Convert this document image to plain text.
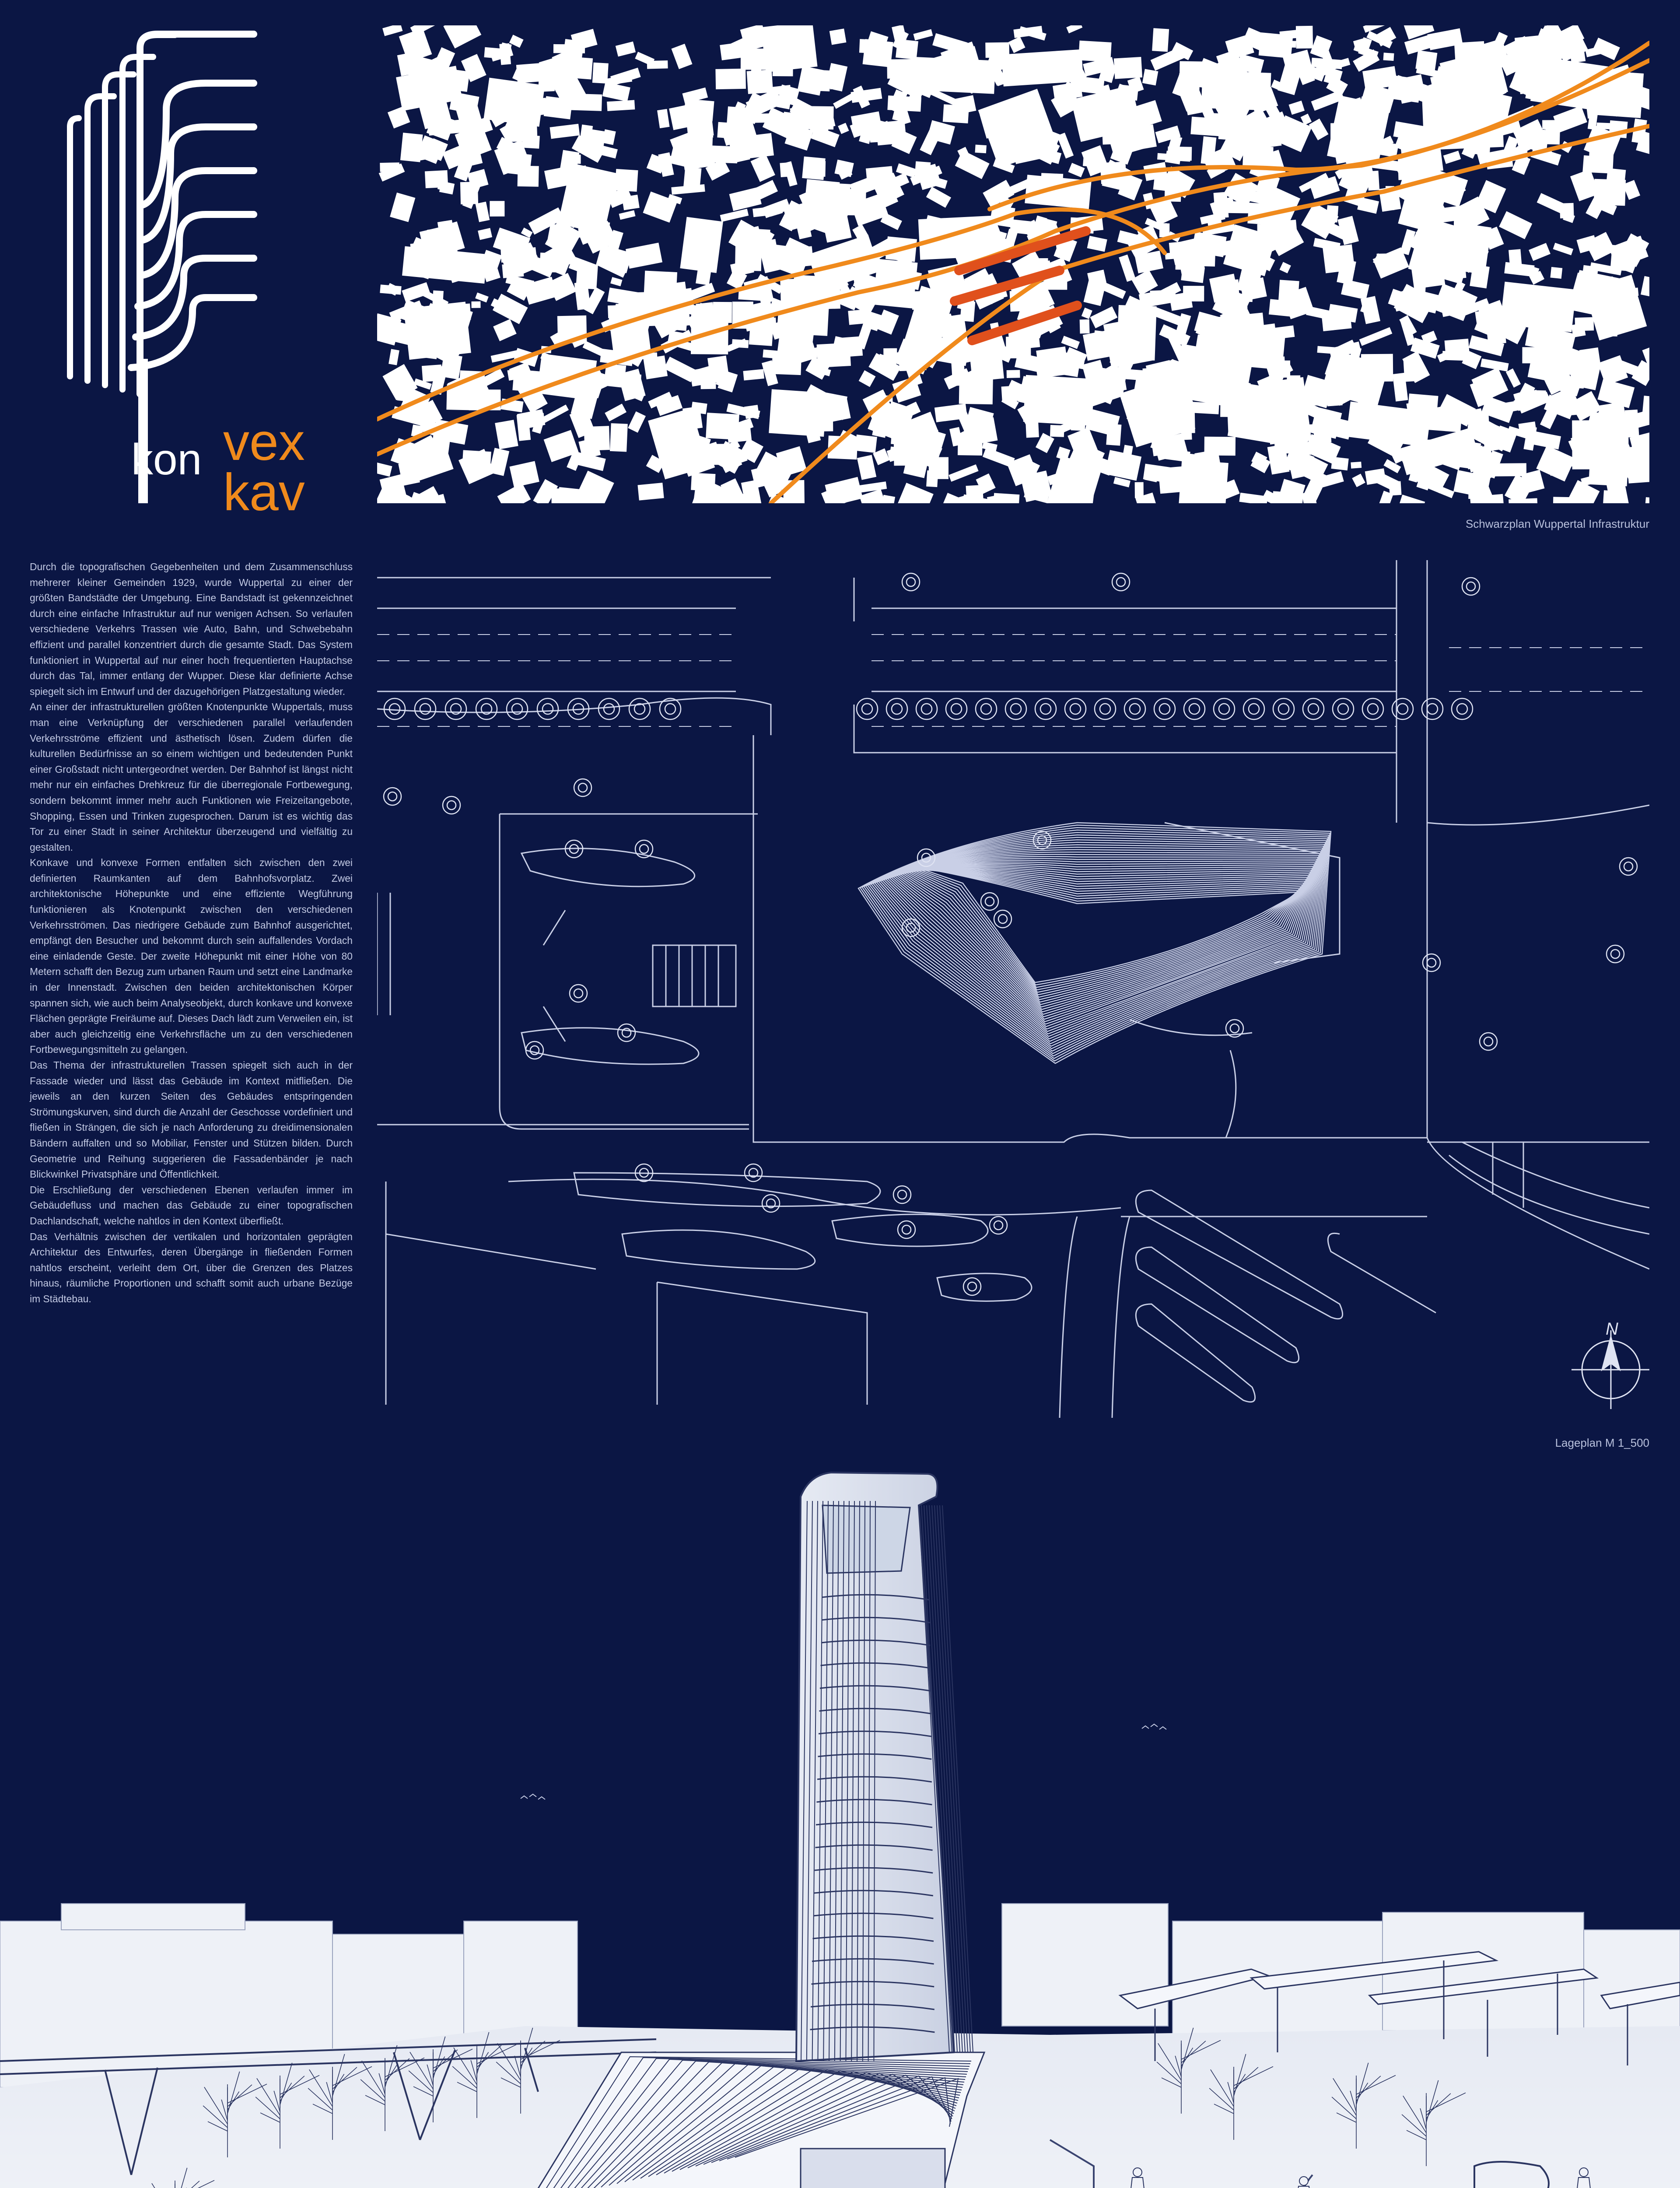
kon vex
kav
Schwarzplan Wuppertal Infrastruktur

Durch die topografischen Gegebenheiten und dem Zusammenschluss mehrerer kleiner Gemeinden 1929, wurde Wuppertal zu einer der größten Bandstädte der Umgebung. Eine Bandstadt ist gekennzeichnet durch eine einfache Infrastruktur auf nur wenigen Achsen. So verlaufen verschiedene Verkehrs Trassen wie Auto, Bahn, und Schwebebahn effizient und parallel konzentriert durch die gesamte Stadt. Das System funktioniert in Wuppertal auf nur einer hoch frequentierten Hauptachse durch das Tal, immer entlang der Wupper. Diese klar definierte Achse spiegelt sich im Entwurf und der dazugehörigen Platzgestaltung wieder.

An einer der infrastrukturellen größten Knotenpunkte Wuppertals, muss man eine Verknüpfung der verschiedenen parallel verlaufenden Verkehrsströme effizient und ästhetisch lösen. Zudem dürfen die kulturellen Bedürfnisse an so einem wichtigen und bedeutenden Punkt einer Großstadt nicht untergeordnet werden. Der Bahnhof ist längst nicht mehr nur ein einfaches Drehkreuz für die überregionale Fortbewegung, sondern bekommt immer mehr auch Funktionen wie Freizeitangebote, Shopping, Essen und Trinken zugesprochen. Darum ist es wichtig das Tor zu einer Stadt in seiner Architektur überzeugend und vielfältig zu gestalten.

Konkave und konvexe Formen entfalten sich zwischen den zwei definierten Raumkanten auf dem Bahnhofsvorplatz. Zwei architektonische Höhepunkte und eine effiziente Wegführung funktionieren als Knotenpunkt zwischen den verschiedenen Verkehrsströmen. Das niedrigere Gebäude zum Bahnhof ausgerichtet, empfängt den Besucher und bekommt durch sein auffallendes Vordach eine einladende Geste. Der zweite Höhepunkt mit einer Höhe von 80 Metern schafft den Bezug zum urbanen Raum und setzt eine Landmarke in der Innenstadt. Zwischen den beiden architektonischen Körper spannen sich, wie auch beim Analyseobjekt, durch konkave und konvexe Flächen geprägte Freiräume auf. Dieses Dach lädt zum Verweilen ein, ist aber auch gleichzeitig eine Verkehrsfläche um zu den verschiedenen Fortbewegungsmitteln zu gelangen.

Das Thema der infrastrukturellen Trassen spiegelt sich auch in der Fassade wieder und lässt das Gebäude im Kontext mitfließen. Die jeweils an den kurzen Seiten des Gebäudes entspringenden Strömungskurven, sind durch die Anzahl der Geschosse vordefiniert und fließen in Strängen, die sich je nach Anforderung zu dreidimensionalen Bändern auffalten und so Mobiliar, Fenster und Stützen bilden. Durch Geometrie und Reihung suggerieren die Fassadenbänder je nach Blickwinkel Privatsphäre und Öffentlichkeit.

Die Erschließung der verschiedenen Ebenen verlaufen immer im Gebäudefluss und machen das Gebäude zu einer topografischen Dachlandschaft, welche nahtlos in den Kontext überfließt.

Das Verhältnis zwischen der vertikalen und horizontalen geprägten Architektur des Entwurfes, deren Übergänge in fließenden Formen nahtlos erscheint, verleiht dem Ort, über die Grenzen des Platzes hinaus, räumliche Proportionen und schafft somit auch urbane Bezüge im Städtebau.

N
Lageplan M 1_500
